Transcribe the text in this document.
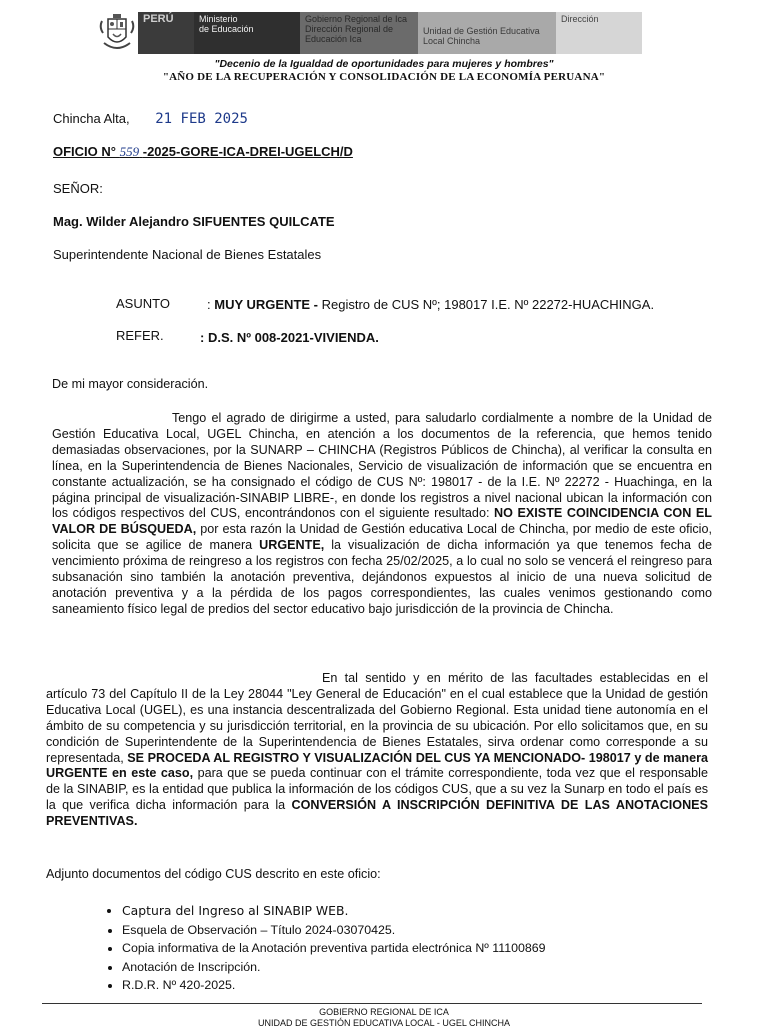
PERÚ	Ministerio
de Educación
Gobierno Regional de Ica
Dirección Regional de
Educación Ica
Unidad de Gestión Educativa
Local Chincha
Dirección
"Decenio de la Igualdad de oportunidades para mujeres y hombres"
"AÑO DE LA RECUPERACIÓN Y CONSOLIDACIÓN DE LA ECONOMÍA PERUANA"
Chincha Alta, 21 FEB 2025
OFICIO N° 559 -2025-GORE-ICA-DREI-UGELCH/D
SEÑOR:
Mag. Wilder Alejandro SIFUENTES QUILCATE
Superintendente Nacional de Bienes Estatales
ASUNTO	: MUY URGENTE - Registro de CUS Nº; 198017 I.E. Nº 22272-HUACHINGA.
REFER.	: D.S. Nº 008-2021-VIVIENDA.
De mi mayor consideración.

Tengo el agrado de dirigirme a usted, para saludarlo cordialmente a nombre de la Unidad de Gestión Educativa Local, UGEL Chincha, en atención a los documentos de la referencia, que hemos tenido demasiadas observaciones, por la SUNARP – CHINCHA (Registros Públicos de Chincha), al verificar la consulta en línea, en la Superintendencia de Bienes Nacionales, Servicio de visualización de información que se encuentra en constante actualización, se ha consignado el código de CUS Nº: 198017 - de la I.E. Nº 22272 - Huachinga, en la página principal de visualización-SINABIP LIBRE-, en donde los registros a nivel nacional ubican la información con los códigos respectivos del CUS, encontrándonos con el siguiente resultado: NO EXISTE COINCIDENCIA CON EL VALOR DE BÚSQUEDA, por esta razón la Unidad de Gestión educativa Local de Chincha, por medio de este oficio, solicita que se agilice de manera URGENTE, la visualización de dicha información ya que tenemos fecha de vencimiento próxima de reingreso a los registros con fecha 25/02/2025, a lo cual no solo se vencerá el reingreso para subsanación sino también la anotación preventiva, dejándonos expuestos al inicio de una nueva solicitud de anotación preventiva y a la pérdida de los pagos correspondientes, las cuales venimos gestionando como saneamiento físico legal de predios del sector educativo bajo jurisdicción de la provincia de Chincha.

En tal sentido y en mérito de las facultades establecidas en el artículo 73 del Capítulo II de la Ley 28044 "Ley General de Educación" en el cual establece que la Unidad de gestión Educativa Local (UGEL), es una instancia descentralizada del Gobierno Regional. Esta unidad tiene autonomía en el ámbito de su competencia y su jurisdicción territorial, en la provincia de su ubicación. Por ello solicitamos que, en su condición de Superintendente de la Superintendencia de Bienes Estatales, sirva ordenar como corresponde a su representada, SE PROCEDA AL REGISTRO Y VISUALIZACIÓN DEL CUS YA MENCIONADO- 198017 y de manera URGENTE en este caso, para que se pueda continuar con el trámite correspondiente, toda vez que el responsable de la SINABIP, es la entidad que publica la información de los códigos CUS, que a su vez la Sunarp en todo el país es la que verifica dicha información para la CONVERSIÓN A INSCRIPCIÓN DEFINITIVA DE LAS ANOTACIONES PREVENTIVAS.

Adjunto documentos del código CUS descrito en este oficio:
• Captura del Ingreso al SINABIP WEB.
• Esquela de Observación – Título 2024-03070425.
• Copia informativa de la Anotación preventiva partida electrónica Nº 11100869
• Anotación de Inscripción.
• R.D.R. Nº 420-2025.
GOBIERNO REGIONAL DE ICA
UNIDAD DE GESTIÓN EDUCATIVA LOCAL - UGEL CHINCHA
